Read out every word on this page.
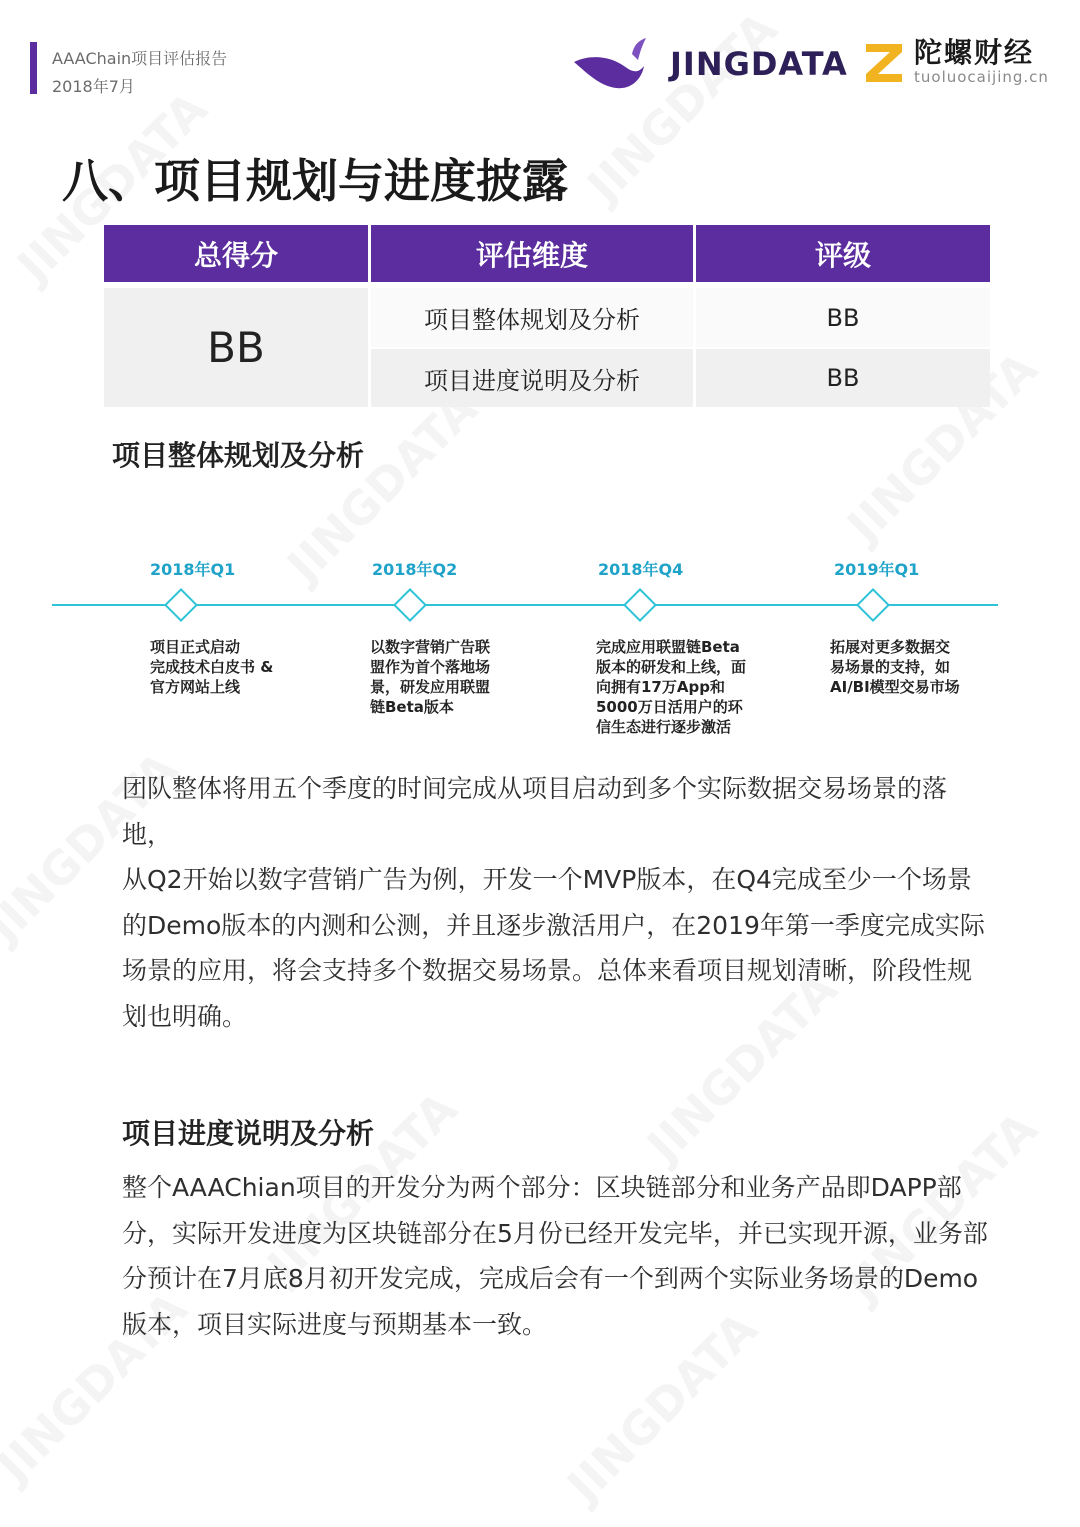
AAAChain项目评估报告
2018年7月
JINGDATA 陀螺财经
tuoluocaijing.cn
八、项目规划与进度披露
总得分	评估维度	评级
BB
项目整体规划及分析	BB
项目进度说明及分析	BB
项目整体规划及分析
2018年Q1	2018年Q2	2018年Q4	2019年Q1
项目正式启动
完成技术白皮书 &
官方网站上线
以数字营销广告联
盟作为首个落地场
景，研发应用联盟
链Beta版本
完成应用联盟链Beta
版本的研发和上线，面
向拥有17万App和
5000万日活用户的环
信生态进行逐步激活
拓展对更多数据交
易场景的支持，如
AI/BI模型交易市场
团队整体将用五个季度的时间完成从项目启动到多个实际数据交易场景的落地，
从Q2开始以数字营销广告为例，开发一个MVP版本，在Q4完成至少一个场景的Demo版本的内测和公测，并且逐步激活用户，在2019年第一季度完成实际场景的应用，将会支持多个数据交易场景。总体来看项目规划清晰，阶段性规划也明确。
项目进度说明及分析
整个AAAChian项目的开发分为两个部分：区块链部分和业务产品即DAPP部分，实际开发进度为区块链部分在5月份已经开发完毕，并已实现开源，业务部分预计在7月底8月初开发完成，完成后会有一个到两个实际业务场景的Demo版本，项目实际进度与预期基本一致。
